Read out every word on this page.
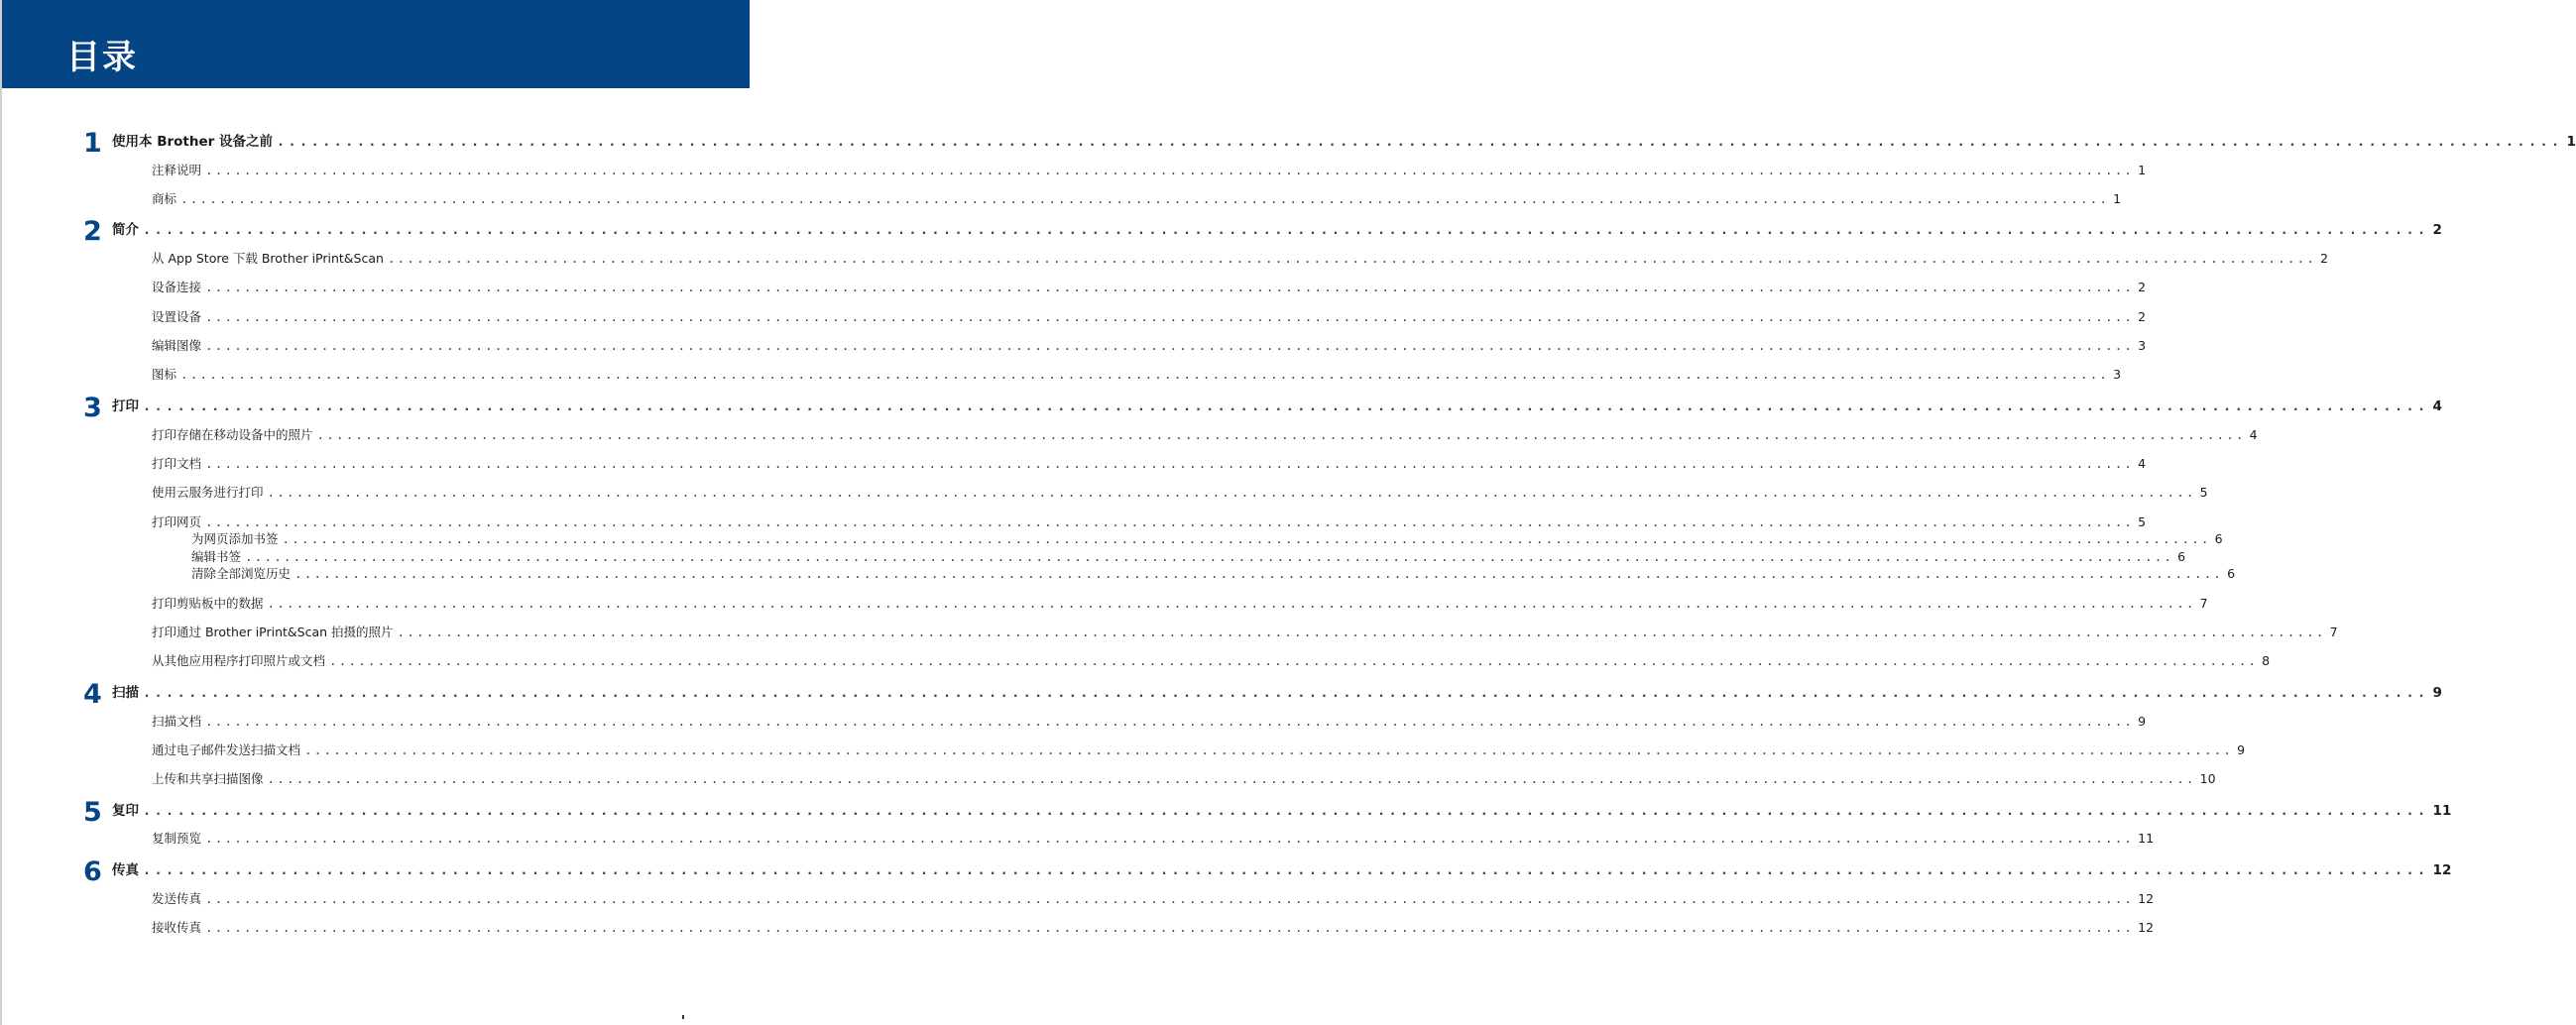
目录
1 使用本 Brother 设备之前 ........................................................................................................................................................................................................ 1
注释说明 ........................................................................................................................................................................................................ 1
商标 ........................................................................................................................................................................................................ 1
2 简介 ........................................................................................................................................................................................................ 2
从 App Store 下载 Brother iPrint&Scan ........................................................................................................................................................................................................ 2
设备连接 ........................................................................................................................................................................................................ 2
设置设备 ........................................................................................................................................................................................................ 2
编辑图像 ........................................................................................................................................................................................................ 3
图标 ........................................................................................................................................................................................................ 3
3 打印 ........................................................................................................................................................................................................ 4
打印存储在移动设备中的照片 ........................................................................................................................................................................................................ 4
打印文档 ........................................................................................................................................................................................................ 4
使用云服务进行打印 ........................................................................................................................................................................................................ 5
打印网页 ........................................................................................................................................................................................................ 5
为网页添加书签 ........................................................................................................................................................................................................ 6
编辑书签 ........................................................................................................................................................................................................ 6
清除全部浏览历史 ........................................................................................................................................................................................................ 6
打印剪贴板中的数据 ........................................................................................................................................................................................................ 7
打印通过 Brother iPrint&Scan 拍摄的照片 ........................................................................................................................................................................................................ 7
从其他应用程序打印照片或文档 ........................................................................................................................................................................................................ 8
4 扫描 ........................................................................................................................................................................................................ 9
扫描文档 ........................................................................................................................................................................................................ 9
通过电子邮件发送扫描文档 ........................................................................................................................................................................................................ 9
上传和共享扫描图像 ........................................................................................................................................................................................................ 10
5 复印 ........................................................................................................................................................................................................ 11
复制预览 ........................................................................................................................................................................................................ 11
6 传真 ........................................................................................................................................................................................................ 12
发送传真 ........................................................................................................................................................................................................ 12
接收传真 ........................................................................................................................................................................................................ 12
